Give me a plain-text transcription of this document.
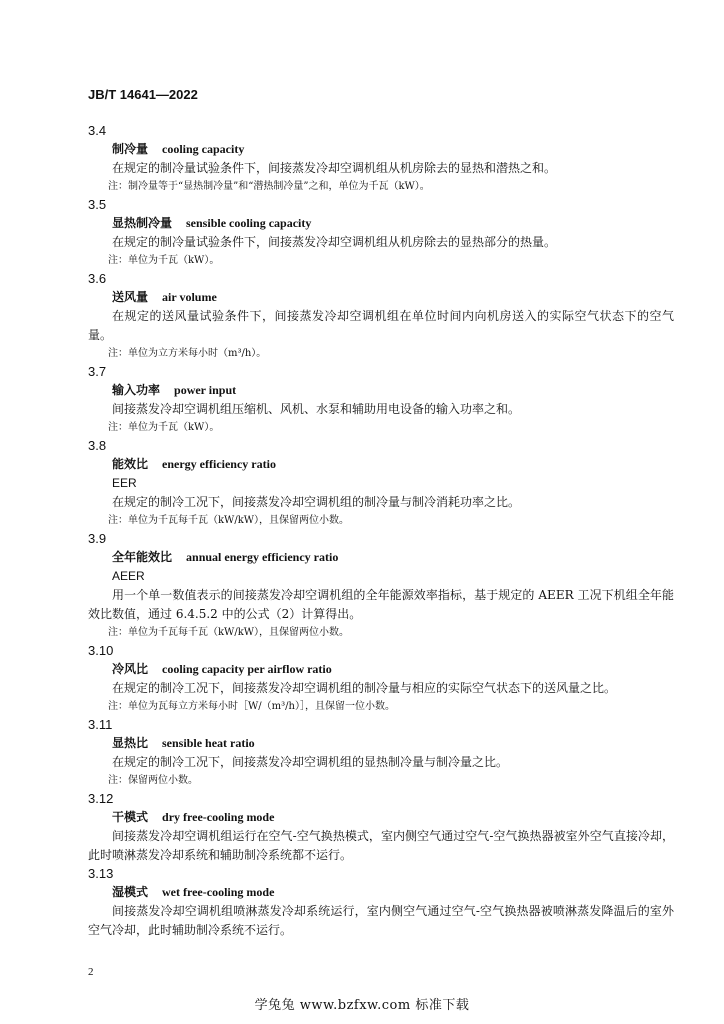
JB/T 14641—2022
3.4
制冷量 cooling capacity
在规定的制冷量试验条件下，间接蒸发冷却空调机组从机房除去的显热和潜热之和。
注：制冷量等于“显热制冷量”和“潜热制冷量”之和，单位为千瓦（kW）。
3.5
显热制冷量 sensible cooling capacity
在规定的制冷量试验条件下，间接蒸发冷却空调机组从机房除去的显热部分的热量。
注：单位为千瓦（kW）。
3.6
送风量 air volume
在规定的送风量试验条件下，间接蒸发冷却空调机组在单位时间内向机房送入的实际空气状态下的空气量。
注：单位为立方米每小时（m³/h）。
3.7
输入功率 power input
间接蒸发冷却空调机组压缩机、风机、水泵和辅助用电设备的输入功率之和。
注：单位为千瓦（kW）。
3.8
能效比 energy efficiency ratio
EER
在规定的制冷工况下，间接蒸发冷却空调机组的制冷量与制冷消耗功率之比。
注：单位为千瓦每千瓦（kW/kW），且保留两位小数。
3.9
全年能效比 annual energy efficiency ratio
AEER
用一个单一数值表示的间接蒸发冷却空调机组的全年能源效率指标，基于规定的 AEER 工况下机组全年能效比数值，通过 6.4.5.2 中的公式（2）计算得出。
注：单位为千瓦每千瓦（kW/kW），且保留两位小数。
3.10
冷风比 cooling capacity per airflow ratio
在规定的制冷工况下，间接蒸发冷却空调机组的制冷量与相应的实际空气状态下的送风量之比。
注：单位为瓦每立方米每小时［W/（m³/h）］，且保留一位小数。
3.11
显热比 sensible heat ratio
在规定的制冷工况下，间接蒸发冷却空调机组的显热制冷量与制冷量之比。
注：保留两位小数。
3.12
干模式 dry free-cooling mode
间接蒸发冷却空调机组运行在空气-空气换热模式，室内侧空气通过空气-空气换热器被室外空气直接冷却，此时喷淋蒸发冷却系统和辅助制冷系统都不运行。
3.13
湿模式 wet free-cooling mode
间接蒸发冷却空调机组喷淋蒸发冷却系统运行，室内侧空气通过空气-空气换热器被喷淋蒸发降温后的室外空气冷却，此时辅助制冷系统不运行。
2
学兔兔 www.bzfxw.com 标准下载
